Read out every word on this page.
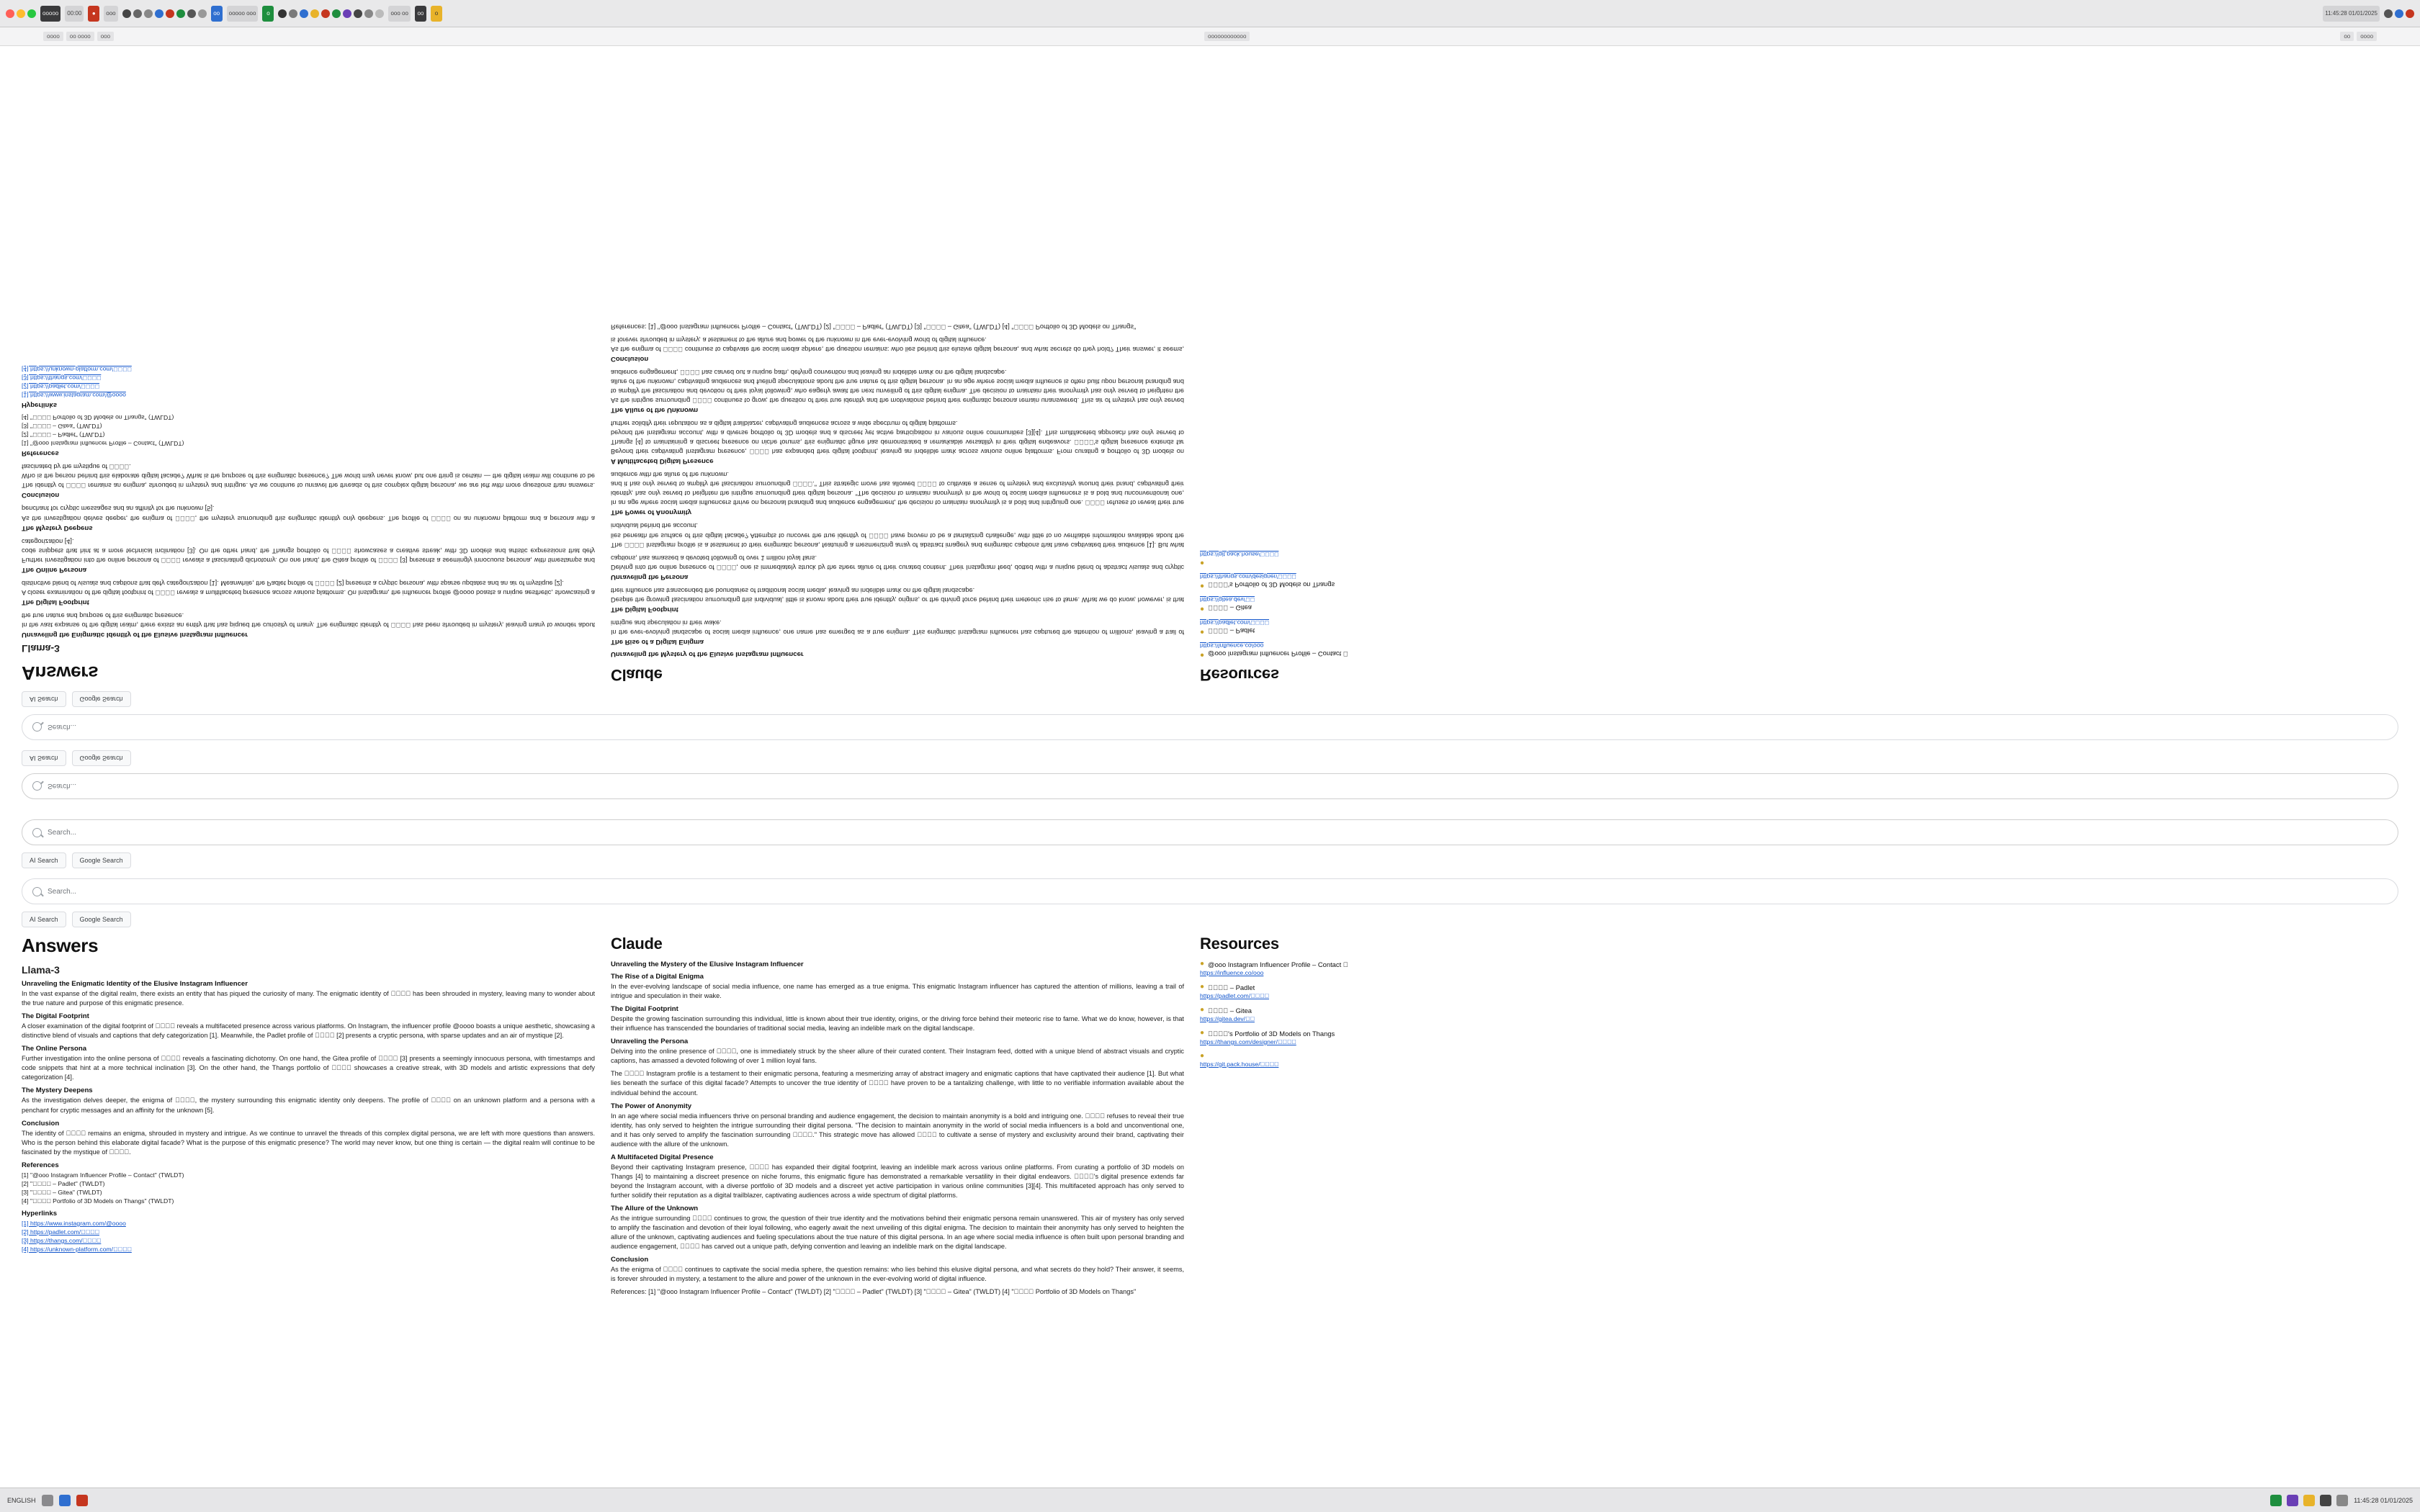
ooooo	00:00	●	ooo	oo	ooooo ooo	o	ooo oo	oo	o	11:45:28 01/01/2025
oooo	oo oooo	ooo	oooooooooooo	oo	oooo
Search...
AI Search	Google Search
Search...
AI Search	Google Search
Answers
Llama-3
Unraveling the Enigmatic Identity of the Elusive Instagram Influencer

In the vast expanse of the digital realm, there exists an entity that has piqued the curiosity of many. The enigmatic identity of      has been shrouded in mystery, leaving many to wonder about the true nature and purpose of this enigmatic presence.

The Digital Footprint

A closer examination of the digital footprint of      reveals a multifaceted presence across various platforms. On Instagram, the influencer profile @oooo boasts a unique aesthetic, showcasing a distinctive blend of visuals and captions that defy categorization [1]. Meanwhile, the Padlet profile of      [2] presents a cryptic persona, with sparse updates and an air of mystique [2].

The Online Persona

Further investigation into the online persona of      reveals a fascinating dichotomy. On one hand, the Gitea profile of      [3] presents a seemingly innocuous persona, with timestamps and code snippets that hint at a more technical inclination [3]. On the other hand, the Thangs portfolio of      showcases a creative streak, with 3D models and artistic expressions that defy categorization [4].

The Mystery Deepens

As the investigation delves deeper, the enigma of     , the mystery surrounding this enigmatic identity only deepens. The profile of      on an unknown platform and a persona with a penchant for cryptic messages and an affinity for the unknown [5].

Conclusion

The identity of      remains an enigma, shrouded in mystery and intrigue. As we continue to unravel the threads of this complex digital persona, we are left with more questions than answers. Who is the person behind this elaborate digital facade? What is the purpose of this enigmatic presence? The world may never know, but one thing is certain — the digital realm will continue to be fascinated by the mystique of     .

References
[1] "@ooo Instagram Influencer Profile – Contact" (TWLDT)
[2] "     – Padlet" (TWLDT)
[3] "     – Gitea" (TWLDT)
[4] "     Portfolio of 3D Models on Thangs" (TWLDT)
Hyperlinks
[1] https://www.instagram.com/@oooo
[2] https://padlet.com/    
[3] https://thangs.com/    
[4] https://unknown-platform.com/    
Claude
Unraveling the Mystery of the Elusive Instagram Influencer
The Rise of a Digital Enigma

In the ever-evolving landscape of social media influence, one name has emerged as a true enigma. This enigmatic Instagram influencer has captured the attention of millions, leaving a trail of intrigue and speculation in their wake.

The Digital Footprint

Despite the growing fascination surrounding this individual, little is known about their true identity, origins, or the driving force behind their meteoric rise to fame. What we do know, however, is that their influence has transcended the boundaries of traditional social media, leaving an indelible mark on the digital landscape.

Unraveling the Persona

Delving into the online presence of     , one is immediately struck by the sheer allure of their curated content. Their Instagram feed, dotted with a unique blend of abstract visuals and cryptic captions, has amassed a devoted following of over 1 million loyal fans.

The      Instagram profile is a testament to their enigmatic persona, featuring a mesmerizing array of abstract imagery and enigmatic captions that have captivated their audience [1]. But what lies beneath the surface of this digital facade? Attempts to uncover the true identity of      have proven to be a tantalizing challenge, with little to no verifiable information available about the individual behind the account.

The Power of Anonymity

In an age where social media influencers thrive on personal branding and audience engagement, the decision to maintain anonymity is a bold and intriguing one.      refuses to reveal their true identity, has only served to heighten the intrigue surrounding their digital persona. "The decision to maintain anonymity in the world of social media influencers is a bold and unconventional one, and it has only served to amplify the fascination surrounding     ." This strategic move has allowed      to cultivate a sense of mystery and exclusivity around their brand, captivating their audience with the allure of the unknown.

A Multifaceted Digital Presence

Beyond their captivating Instagram presence,      has expanded their digital footprint, leaving an indelible mark across various online platforms. From curating a portfolio of 3D models on Thangs [4] to maintaining a discreet presence on niche forums, this enigmatic figure has demonstrated a remarkable versatility in their digital endeavors.     's digital presence extends far beyond the Instagram account, with a diverse portfolio of 3D models and a discreet yet active participation in various online communities [3][4]. This multifaceted approach has only served to further solidify their reputation as a digital trailblazer, captivating audiences across a wide spectrum of digital platforms.

The Allure of the Unknown

As the intrigue surrounding      continues to grow, the question of their true identity and the motivations behind their enigmatic persona remain unanswered. This air of mystery has only served to amplify the fascination and devotion of their loyal following, who eagerly await the next unveiling of this digital enigma. The decision to maintain their anonymity has only served to heighten the allure of the unknown, captivating audiences and fueling speculations about the true nature of this digital persona. In an age where social media influence is often built upon personal branding and audience engagement,      has carved out a unique path, defying convention and leaving an indelible mark on the digital landscape.

Conclusion

As the enigma of      continues to captivate the social media sphere, the question remains: who lies behind this elusive digital persona, and what secrets do they hold? Their answer, it seems, is forever shrouded in mystery, a testament to the allure and power of the unknown in the ever-evolving world of digital influence.

References: [1] "@ooo Instagram Influencer Profile – Contact" (TWLDT) [2] "     – Padlet" (TWLDT) [3] "     – Gitea" (TWLDT) [4] "     Portfolio of 3D Models on Thangs"

Resources
● @ooo Instagram Influencer Profile – Contact  
https://influence.co/ooo
●      – Padlet
https://padlet.com/    
●      – Gitea
https://gitea.dev/  
●     's Portfolio of 3D Models on Thangs
https://thangs.com/designer/    
●
https://git.pack.house/    
Search...
AI Search	Google Search
Search...
AI Search	Google Search
Answers
Llama-3
Unraveling the Enigmatic Identity of the Elusive Instagram Influencer

In the vast expanse of the digital realm, there exists an entity that has piqued the curiosity of many. The enigmatic identity of      has been shrouded in mystery, leaving many to wonder about the true nature and purpose of this enigmatic presence.

The Digital Footprint

A closer examination of the digital footprint of      reveals a multifaceted presence across various platforms. On Instagram, the influencer profile @oooo boasts a unique aesthetic, showcasing a distinctive blend of visuals and captions that defy categorization [1]. Meanwhile, the Padlet profile of      [2] presents a cryptic persona, with sparse updates and an air of mystique [2].

The Online Persona

Further investigation into the online persona of      reveals a fascinating dichotomy. On one hand, the Gitea profile of      [3] presents a seemingly innocuous persona, with timestamps and code snippets that hint at a more technical inclination [3]. On the other hand, the Thangs portfolio of      showcases a creative streak, with 3D models and artistic expressions that defy categorization [4].

The Mystery Deepens

As the investigation delves deeper, the enigma of     , the mystery surrounding this enigmatic identity only deepens. The profile of      on an unknown platform and a persona with a penchant for cryptic messages and an affinity for the unknown [5].

Conclusion

The identity of      remains an enigma, shrouded in mystery and intrigue. As we continue to unravel the threads of this complex digital persona, we are left with more questions than answers. Who is the person behind this elaborate digital facade? What is the purpose of this enigmatic presence? The world may never know, but one thing is certain — the digital realm will continue to be fascinated by the mystique of     .

References
[1] "@ooo Instagram Influencer Profile – Contact" (TWLDT)
[2] "     – Padlet" (TWLDT)
[3] "     – Gitea" (TWLDT)
[4] "     Portfolio of 3D Models on Thangs" (TWLDT)
Hyperlinks
[1] https://www.instagram.com/@oooo
[2] https://padlet.com/    
[3] https://thangs.com/    
[4] https://unknown-platform.com/    
Claude
Unraveling the Mystery of the Elusive Instagram Influencer
The Rise of a Digital Enigma

In the ever-evolving landscape of social media influence, one name has emerged as a true enigma. This enigmatic Instagram influencer has captured the attention of millions, leaving a trail of intrigue and speculation in their wake.

The Digital Footprint

Despite the growing fascination surrounding this individual, little is known about their true identity, origins, or the driving force behind their meteoric rise to fame. What we do know, however, is that their influence has transcended the boundaries of traditional social media, leaving an indelible mark on the digital landscape.

Unraveling the Persona

Delving into the online presence of     , one is immediately struck by the sheer allure of their curated content. Their Instagram feed, dotted with a unique blend of abstract visuals and cryptic captions, has amassed a devoted following of over 1 million loyal fans.

The      Instagram profile is a testament to their enigmatic persona, featuring a mesmerizing array of abstract imagery and enigmatic captions that have captivated their audience [1]. But what lies beneath the surface of this digital facade? Attempts to uncover the true identity of      have proven to be a tantalizing challenge, with little to no verifiable information available about the individual behind the account.

The Power of Anonymity

In an age where social media influencers thrive on personal branding and audience engagement, the decision to maintain anonymity is a bold and intriguing one.      refuses to reveal their true identity, has only served to heighten the intrigue surrounding their digital persona. "The decision to maintain anonymity in the world of social media influencers is a bold and unconventional one, and it has only served to amplify the fascination surrounding     ." This strategic move has allowed      to cultivate a sense of mystery and exclusivity around their brand, captivating their audience with the allure of the unknown.

A Multifaceted Digital Presence

Beyond their captivating Instagram presence,      has expanded their digital footprint, leaving an indelible mark across various online platforms. From curating a portfolio of 3D models on Thangs [4] to maintaining a discreet presence on niche forums, this enigmatic figure has demonstrated a remarkable versatility in their digital endeavors.     's digital presence extends far beyond the Instagram account, with a diverse portfolio of 3D models and a discreet yet active participation in various online communities [3][4]. This multifaceted approach has only served to further solidify their reputation as a digital trailblazer, captivating audiences across a wide spectrum of digital platforms.

The Allure of the Unknown

As the intrigue surrounding      continues to grow, the question of their true identity and the motivations behind their enigmatic persona remain unanswered. This air of mystery has only served to amplify the fascination and devotion of their loyal following, who eagerly await the next unveiling of this digital enigma. The decision to maintain their anonymity has only served to heighten the allure of the unknown, captivating audiences and fueling speculations about the true nature of this digital persona. In an age where social media influence is often built upon personal branding and audience engagement,      has carved out a unique path, defying convention and leaving an indelible mark on the digital landscape.

Conclusion

As the enigma of      continues to captivate the social media sphere, the question remains: who lies behind this elusive digital persona, and what secrets do they hold? Their answer, it seems, is forever shrouded in mystery, a testament to the allure and power of the unknown in the ever-evolving world of digital influence.

References: [1] "@ooo Instagram Influencer Profile – Contact" (TWLDT) [2] "     – Padlet" (TWLDT) [3] "     – Gitea" (TWLDT) [4] "     Portfolio of 3D Models on Thangs"

Resources
● @ooo Instagram Influencer Profile – Contact  
https://influence.co/ooo
●      – Padlet
https://padlet.com/    
●      – Gitea
https://gitea.dev/  
●     's Portfolio of 3D Models on Thangs
https://thangs.com/designer/    
●
https://git.pack.house/    
ENGLISH	11:45:28 01/01/2025
